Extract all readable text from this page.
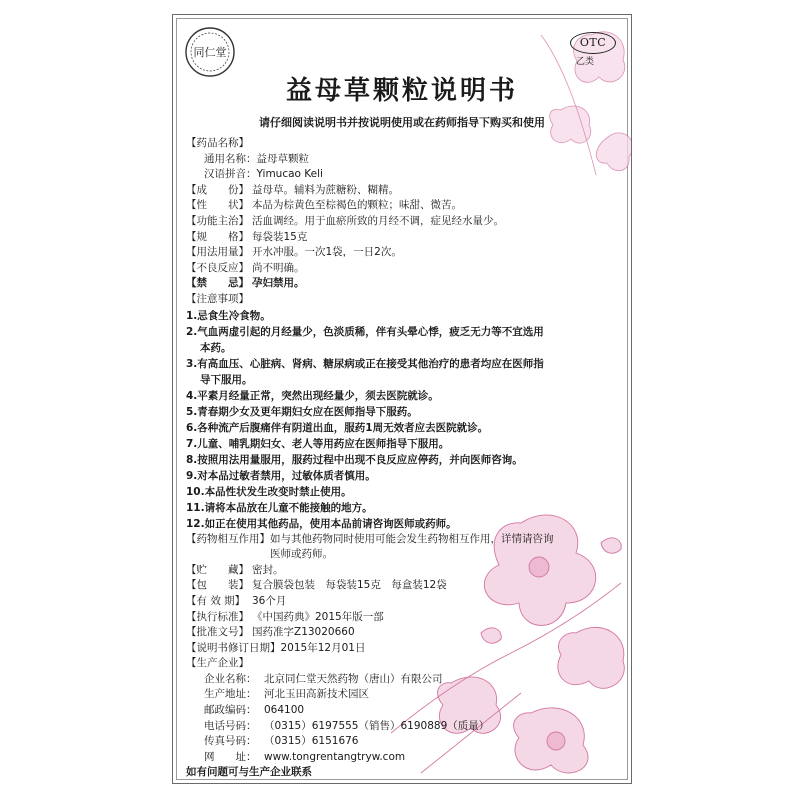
同仁堂
OTC
乙类
益母草颗粒说明书
请仔细阅读说明书并按说明使用或在药师指导下购买和使用
【药品名称】
通用名称：益母草颗粒
汉语拼音：Yimucao Keli
【成　　份】 益母草。辅料为蔗糖粉、糊精。
【性　　状】 本品为棕黄色至棕褐色的颗粒；味甜、微苦。
【功能主治】 活血调经。用于血瘀所致的月经不调，症见经水量少。
【规　　格】 每袋装15克
【用法用量】 开水冲服。一次1袋，一日2次。
【不良反应】 尚不明确。
【禁　　忌】 孕妇禁用。
【注意事项】
1.忌食生冷食物。
2.气血两虚引起的月经量少，色淡质稀，伴有头晕心悸，疲乏无力等不宜选用
本药。
3.有高血压、心脏病、肾病、糖尿病或正在接受其他治疗的患者均应在医师指
导下服用。
4.平素月经量正常，突然出现经量少，须去医院就诊。
5.青春期少女及更年期妇女应在医师指导下服药。
6.各种流产后腹痛伴有阴道出血，服药1周无效者应去医院就诊。
7.儿童、哺乳期妇女、老人等用药应在医师指导下服用。
8.按照用法用量服用，服药过程中出现不良反应应停药，并向医师咨询。
9.对本品过敏者禁用，过敏体质者慎用。
10.本品性状发生改变时禁止使用。
11.请将本品放在儿童不能接触的地方。
12.如正在使用其他药品，使用本品前请咨询医师或药师。
【药物相互作用】如与其他药物同时使用可能会发生药物相互作用，详情请咨询
医师或药师。
【贮　　藏】 密封。
【包　　装】 复合膜袋包装　每袋装15克　每盒装12袋
【有 效 期】 36个月
【执行标准】 《中国药典》2015年版一部
【批准文号】 国药准字Z13020660
【说明书修订日期】2015年12月01日
【生产企业】
企业名称： 北京同仁堂天然药物（唐山）有限公司
生产地址： 河北玉田高新技术园区
邮政编码： 064100
电话号码： （0315）6197555（销售）6190889（质量）
传真号码： （0315）6151676
网　　址： www.tongrentangtryw.com
如有问题可与生产企业联系
